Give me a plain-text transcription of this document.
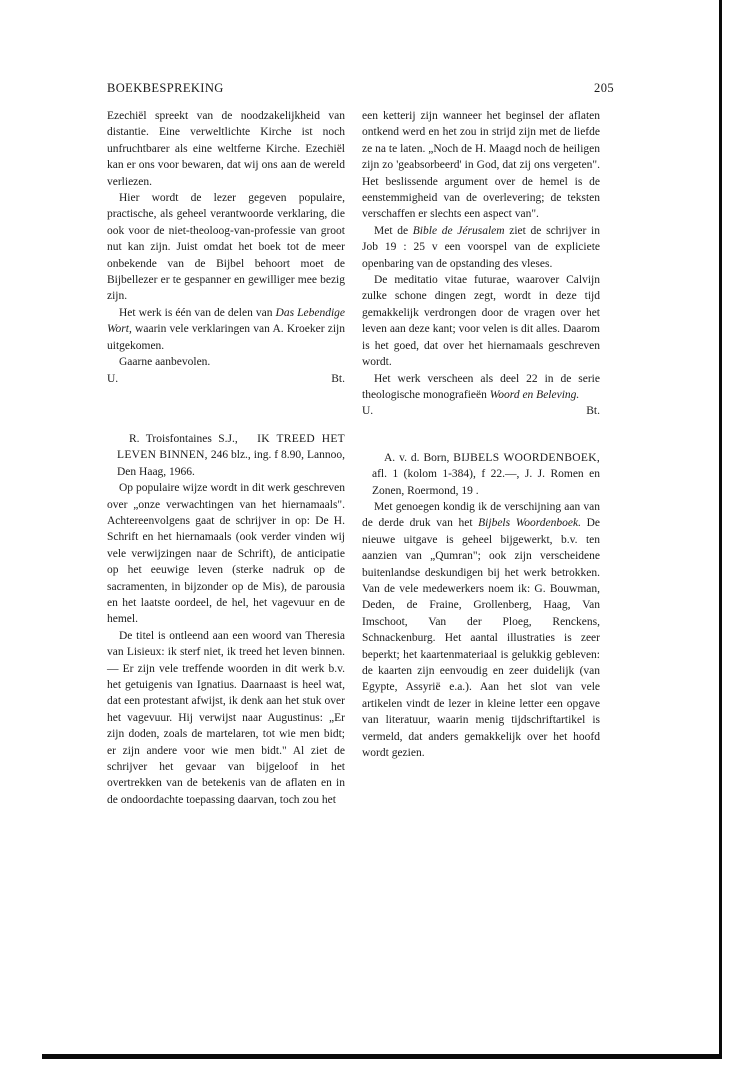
BOEKBESPREKING	205

Ezechiël spreekt van de noodzakelijkheid van distantie. Eine verweltlichte Kirche ist noch unfruchtbarer als eine weltferne Kirche. Ezechiël kan er ons voor bewaren, dat wij ons aan de wereld verliezen.

Hier wordt de lezer gegeven populaire, practische, als geheel verantwoorde verklaring, die ook voor de niet-theoloog-van-professie van groot nut kan zijn. Juist omdat het boek tot de meer onbekende van de Bijbel behoort moet de Bijbellezer er te gespanner en gewilliger mee bezig zijn.

Het werk is één van de delen van Das Lebendige Wort, waarin vele verklaringen van A. Kroeker zijn uitgekomen.

Gaarne aanbevolen.

U.	Bt.

R. Troisfontaines S.J., IK TREED HET LEVEN BINNEN, 246 blz., ing. f 8.90, Lannoo, Den Haag, 1966.

Op populaire wijze wordt in dit werk geschreven over „onze verwachtingen van het hiernamaals". Achtereenvolgens gaat de schrijver in op: De H. Schrift en het hiernamaals (ook verder vinden wij vele verwijzingen naar de Schrift), de anticipatie op het eeuwige leven (sterke nadruk op de sacramenten, in bijzonder op de Mis), de parousia en het laatste oordeel, de hel, het vagevuur en de hemel.

De titel is ontleend aan een woord van Theresia van Lisieux: ik sterf niet, ik treed het leven binnen. — Er zijn vele treffende woorden in dit werk b.v. het getuigenis van Ignatius. Daarnaast is heel wat, dat een protestant afwijst, ik denk aan het stuk over het vagevuur. Hij verwijst naar Augustinus: „Er zijn doden, zoals de martelaren, tot wie men bidt; er zijn andere voor wie men bidt." Al ziet de schrijver het gevaar van bijgeloof in het overtrekken van de betekenis van de aflaten en in de ondoordachte toepassing daarvan, toch zou het

een ketterij zijn wanneer het beginsel der aflaten ontkend werd en het zou in strijd zijn met de liefde ze na te laten. „Noch de H. Maagd noch de heiligen zijn zo 'geabsorbeerd' in God, dat zij ons vergeten". Het beslissende argument over de hemel is de eenstemmigheid van de overlevering; de teksten verschaffen er slechts een aspect van".

Met de Bible de Jérusalem ziet de schrijver in Job 19 : 25 v een voorspel van de expliciete openbaring van de opstanding des vleses.

De meditatio vitae futurae, waarover Calvijn zulke schone dingen zegt, wordt in deze tijd gemakkelijk verdrongen door de vragen over het leven aan deze kant; voor velen is dit alles. Daarom is het goed, dat over het hiernamaals geschreven wordt.

Het werk verscheen als deel 22 in de serie theologische monografieën Woord en Beleving.

U.	Bt.

A. v. d. Born, BIJBELS WOORDENBOEK, afl. 1 (kolom 1-384), f 22.—, J. J. Romen en Zonen, Roermond, 19 .

Met genoegen kondig ik de verschijning aan van de derde druk van het Bijbels Woordenboek. De nieuwe uitgave is geheel bijgewerkt, b.v. ten aanzien van „Qumran"; ook zijn verscheidene buitenlandse deskundigen bij het werk betrokken. Van de vele medewerkers noem ik: G. Bouwman, Deden, de Fraine, Grollenberg, Haag, Van Imschoot, Van der Ploeg, Renckens, Schnackenburg. Het aantal illustraties is zeer beperkt; het kaartenmateriaal is gelukkig gebleven: de kaarten zijn eenvoudig en zeer duidelijk (van Egypte, Assyrië e.a.). Aan het slot van vele artikelen vindt de lezer in kleine letter een opgave van literatuur, waarin menig tijdschriftartikel is vermeld, dat anders gemakkelijk over het hoofd wordt gezien.
